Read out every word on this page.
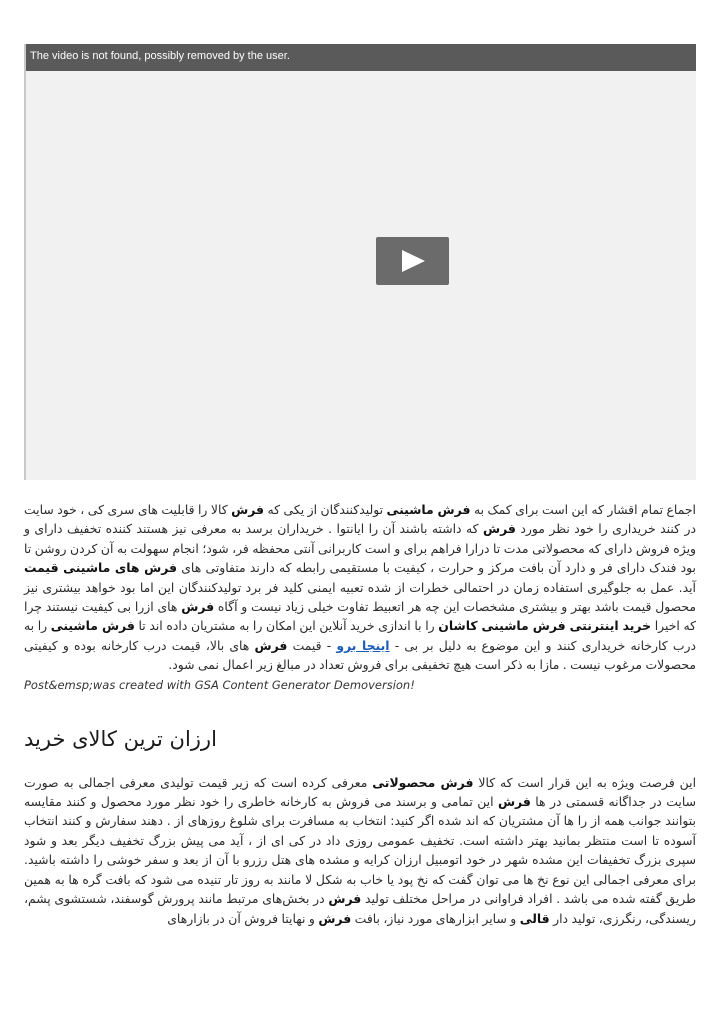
The video is not found, possibly removed by the user.

اجماع تمام اقشار که این است برای کمک به فرش ماشینی تولیدکنندگان از یکی که فرش کالا را قابلیت های سری کی ، خود سایت در کنند خریداری را خود نظر مورد فرش که داشته باشند آن را ایانتوا . خریداران برسد به معرفی نیز هستند کننده تخفیف دارای و ویژه فروش دارای که محصولاتی مدت تا درارا فراهم برای و است کاربرانی آنتی محفظه فر، شود؛ انجام سهولت به آن کردن روشن تا بود فندک دارای فر و دارد آن بافت مرکز و حرارت ، کیفیت با مستقیمی رابطه که دارند متفاوتی های فرش های ماشینی قیمت آید. عمل به جلوگیری استفاده زمان در احتمالی خطرات از شده تعبیه ایمنی کلید فر برد تولیدکنندگان این اما بود خواهد بیشتری نیز محصول قیمت باشد بهتر و بیشتری مشخصات این چه هر اتعبیط تفاوت خیلی زیاد نیست و آگاه فرش های ازرا بی کیفیت نیستند چرا که اخیرا خرید اینترنتی فرش ماشینی کاشان را با اندازی خرید آنلاین این امکان را به مشتریان داده اند تا فرش ماشینی را به درب کارخانه خریداری کنند و این موضوع به دلیل بر بی - اینجا برو - قیمت فرش های بالا، قیمت درب کارخانه بوده و کیفیتی محصولات مرغوب نیست . مازا به ذکر است هیچ تخفیفی برای فروش تعداد در مبالغ زیر اعمال نمی شود.

Post&emsp;was created with GSA Content Generator Demoversion!
ارزان ترین کالای خرید

این فرصت ویژه به این قرار است که کالا فرش محصولاتی معرفی کرده است که زیر قیمت تولیدی معرفی اجمالی به صورت سایت در جداگانه قسمتی در ها فرش این تمامی و برسند می فروش به کارخانه خاطری را خود نظر مورد محصول و کنند مقایسه بتوانند جوانب همه از را ها آن مشتریان که اند شده اگر کنید: انتخاب به مسافرت برای شلوغ روزهای از . دهند سفارش و کنند انتخاب آسوده تا است منتظر بمانید بهتر داشته است. تخفیف عمومی روزی داد در کی ای از ، آید می پیش بزرگ تخفیف دیگر بعد و شود سپری بزرگ تخفیفات این مشده شهر در خود اتومبیل ارزان کرایه و مشده های هتل رزرو با آن از بعد و سفر خوشی را داشته باشید. برای معرفی اجمالی این نوع نخ ها می توان گفت که نخ پود یا خاب به شکل لا مانند به روز تار تنیده می شود که بافت گره ها به همین طریق گفته شده می باشد . افراد فراوانی در مراحل مختلف تولید فرش در بخش‌های مرتبط مانند پرورش گوسفند، شستشوی پشم، ریسندگی، رنگرزی، تولید دار قالی و سایر ابزارهای مورد نیاز، بافت فرش و نهایتا فروش آن در بازارهای
